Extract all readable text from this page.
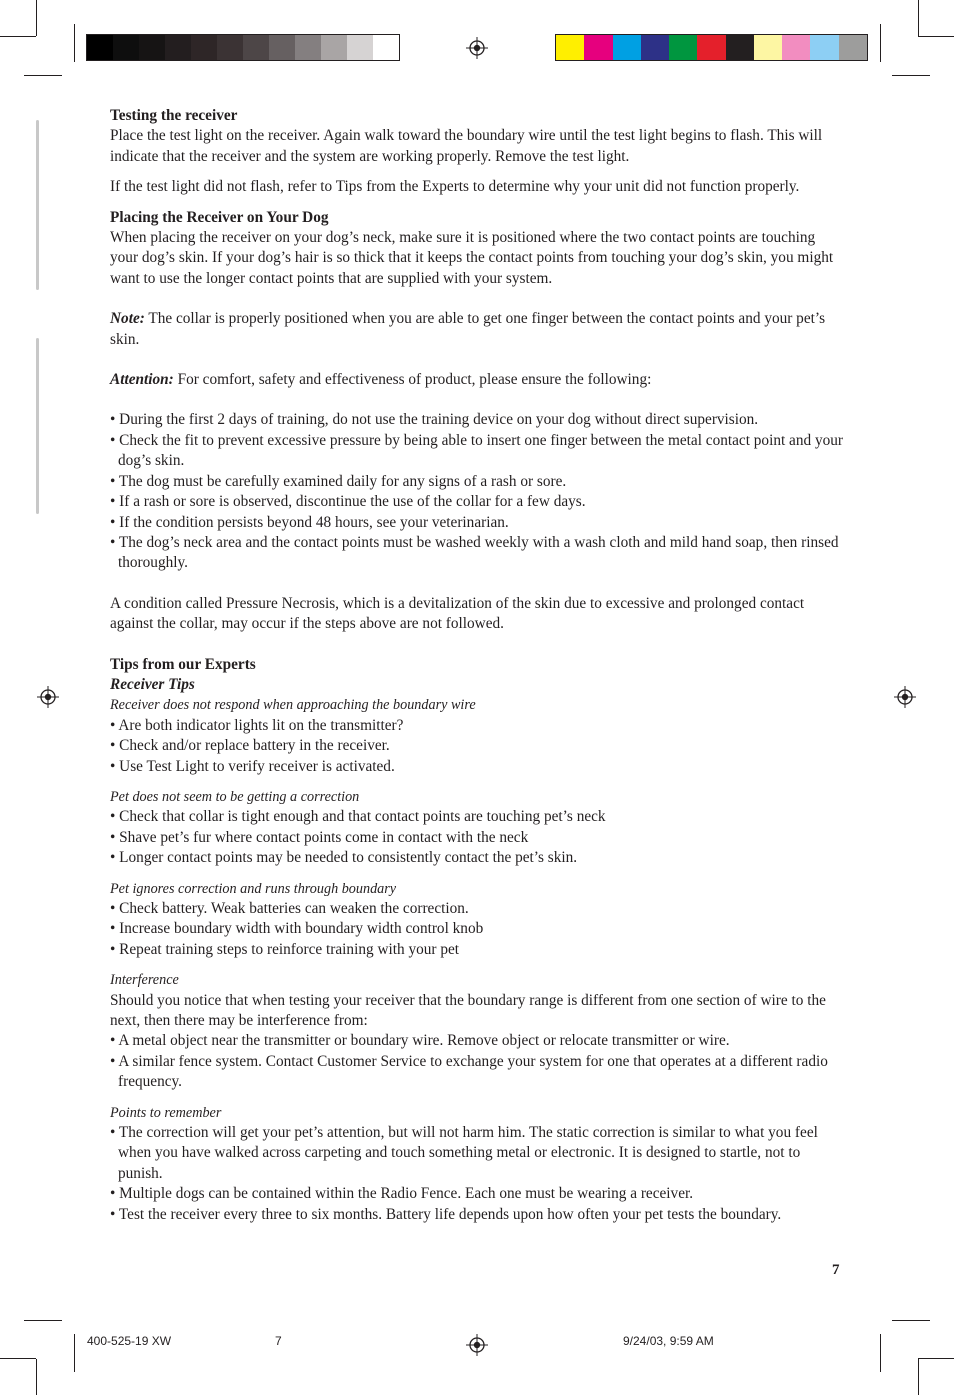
Testing the receiver

Place the test light on the receiver. Again walk toward the boundary wire until the test light begins to flash. This will indicate that the receiver and the system are working properly. Remove the test light.

If the test light did not flash, refer to Tips from the Experts to determine why your unit did not function properly.

Placing the Receiver on Your Dog

When placing the receiver on your dog’s neck, make sure it is positioned where the two contact points are touching your dog’s skin. If your dog’s hair is so thick that it keeps the contact points from touching your dog’s skin, you might want to use the longer contact points that are supplied with your system.

Note: The collar is properly positioned when you are able to get one finger between the contact points and your pet’s skin.

Attention: For comfort, safety and effectiveness of product, please ensure the following:

• During the first 2 days of training, do not use the training device on your dog without direct supervision.

• Check the fit to prevent excessive pressure by being able to insert one finger between the metal contact point and your dog’s skin.

• The dog must be carefully examined daily for any signs of a rash or sore.

• If a rash or sore is observed, discontinue the use of the collar for a few days.

• If the condition persists beyond 48 hours, see your veterinarian.

• The dog’s neck area and the contact points must be washed weekly with a wash cloth and mild hand soap, then rinsed thoroughly.

A condition called Pressure Necrosis, which is a devitalization of the skin due to excessive and prolonged contact against the collar, may occur if the steps above are not followed.

Tips from our Experts

Receiver Tips

Receiver does not respond when approaching the boundary wire

• Are both indicator lights lit on the transmitter?

• Check and/or replace battery in the receiver.

• Use Test Light to verify receiver is activated.

Pet does not seem to be getting a correction

• Check that collar is tight enough and that contact points are touching pet’s neck

• Shave pet’s fur where contact points come in contact with the neck

• Longer contact points may be needed to consistently contact the pet’s skin.

Pet ignores correction and runs through boundary

• Check battery. Weak batteries can weaken the correction.

• Increase boundary width with boundary width control knob

• Repeat training steps to reinforce training with your pet

Interference

Should you notice that when testing your receiver that the boundary range is different from one section of wire to the next, then there may be interference from:

• A metal object near the transmitter or boundary wire. Remove object or relocate transmitter or wire.

• A similar fence system. Contact Customer Service to exchange your system for one that operates at a different radio frequency.

Points to remember

• The correction will get your pet’s attention, but will not harm him. The static correction is similar to what you feel when you have walked across carpeting and touch something metal or electronic. It is designed to startle, not to punish.

• Multiple dogs can be contained within the Radio Fence. Each one must be wearing a receiver.

• Test the receiver every three to six months. Battery life depends upon how often your pet tests the boundary.

7
400-525-19 XW	7	9/24/03, 9:59 AM
